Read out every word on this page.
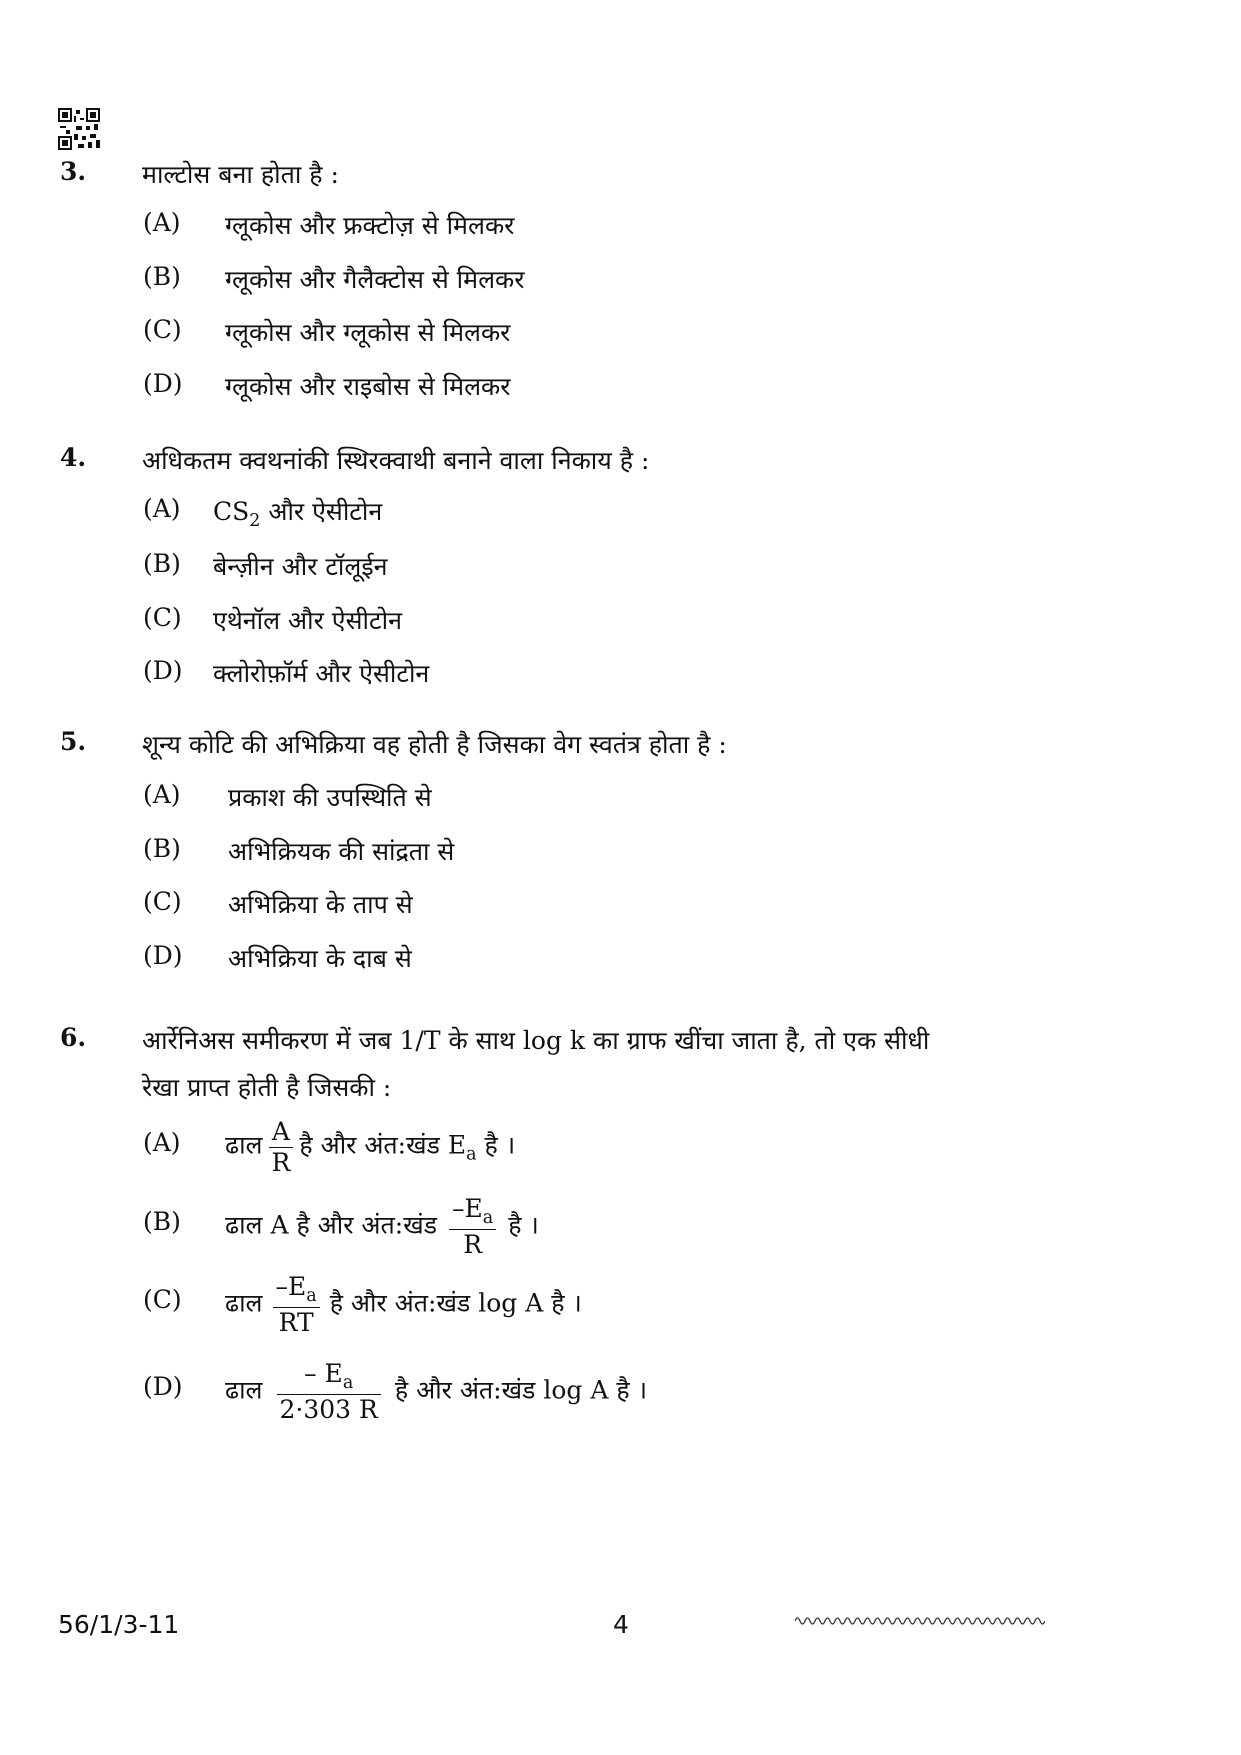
3. माल्टोस बना होता है :
(A) ग्लूकोस और फ्रक्टोज़ से मिलकर
(B) ग्लूकोस और गैलैक्टोस से मिलकर
(C) ग्लूकोस और ग्लूकोस से मिलकर
(D) ग्लूकोस और राइबोस से मिलकर
4. अधिकतम क्वथनांकी स्थिरक्वाथी बनाने वाला निकाय है :
(A) $CS_2$ और ऐसीटोन
(B) बेन्ज़ीन और टॉलूईन
(C) एथेनॉल और ऐसीटोन
(D) क्लोरोफ़ॉर्म और ऐसीटोन
5. शून्य कोटि की अभिक्रिया वह होती है जिसका वेग स्वतंत्र होता है :
(A) प्रकाश की उपस्थिति से
(B) अभिक्रियक की सांद्रता से
(C) अभिक्रिया के ताप से
(D) अभिक्रिया के दाब से
6. आर्रेनिअस समीकरण में जब 1/T के साथ log k का ग्राफ खींचा जाता है, तो एक सीधी
रेखा प्राप्त होती है जिसकी :
(A) ढाल $\frac{A}{R}$ है और अंत:खंड $E_a$ है ।
(B) ढाल A है और अंत:खंड $\frac{-E_a}{R}$ है ।
(C) ढाल $\frac{-E_a}{RT}$ है और अंत:खंड log A है ।
(D) ढाल $\frac{- E_a}{2\cdot 303 R}$ है और अंत:खंड log A है ।
56/1/3-11	4
